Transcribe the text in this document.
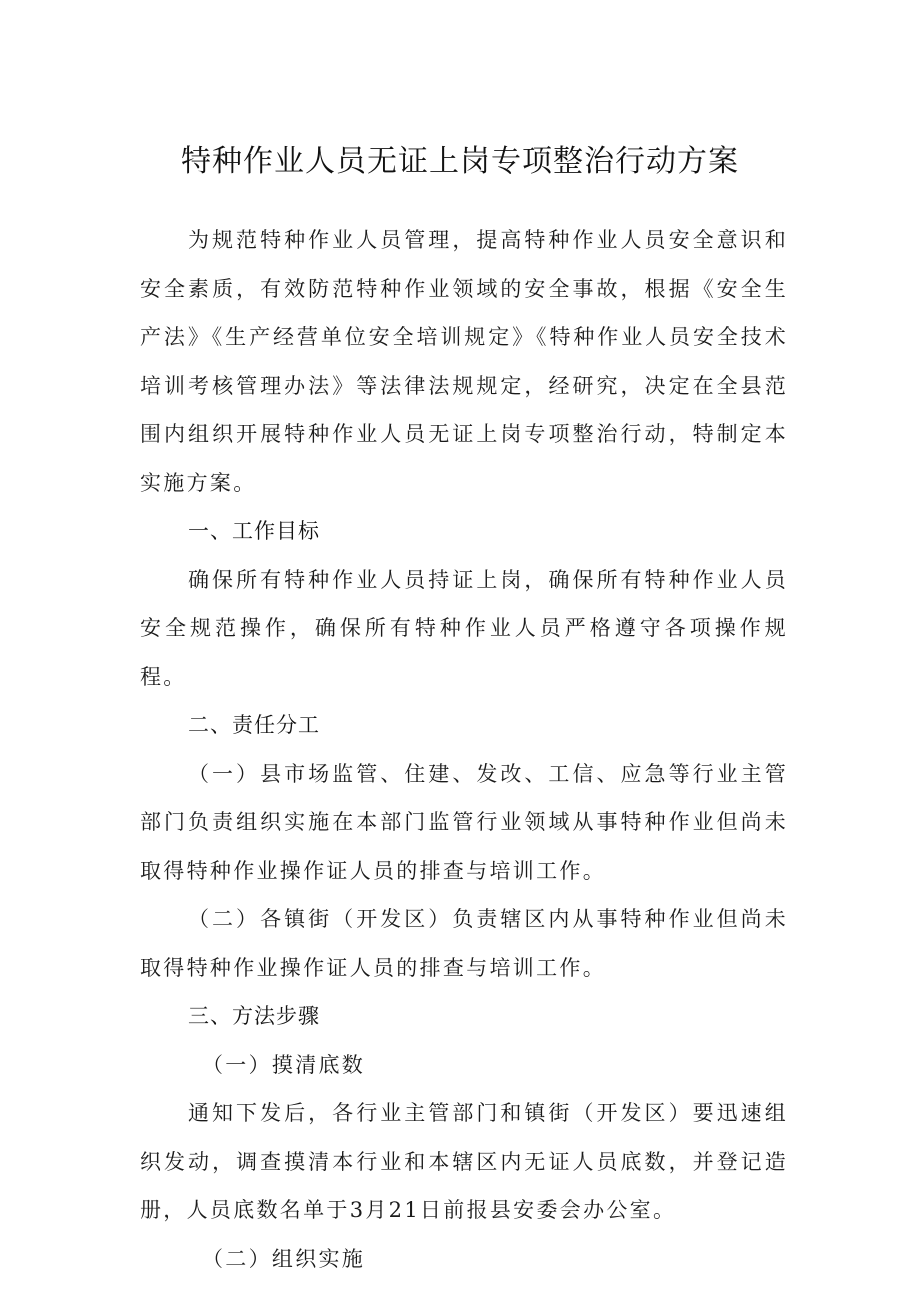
特种作业人员无证上岗专项整治行动方案

为规范特种作业人员管理，提高特种作业人员安全意识和安全素质，有效防范特种作业领域的安全事故，根据《安全生产法》《生产经营单位安全培训规定》《特种作业人员安全技术培训考核管理办法》等法律法规规定，经研究，决定在全县范围内组织开展特种作业人员无证上岗专项整治行动，特制定本实施方案。

一、工作目标

确保所有特种作业人员持证上岗，确保所有特种作业人员安全规范操作，确保所有特种作业人员严格遵守各项操作规程。

二、责任分工

（一）县市场监管、住建、发改、工信、应急等行业主管部门负责组织实施在本部门监管行业领域从事特种作业但尚未取得特种作业操作证人员的排查与培训工作。

（二）各镇街（开发区）负责辖区内从事特种作业但尚未取得特种作业操作证人员的排查与培训工作。

三、方法步骤

（一）摸清底数

通知下发后，各行业主管部门和镇街（开发区）要迅速组织发动，调查摸清本行业和本辖区内无证人员底数，并登记造册，人员底数名单于3月21日前报县安委会办公室。

（二）组织实施
